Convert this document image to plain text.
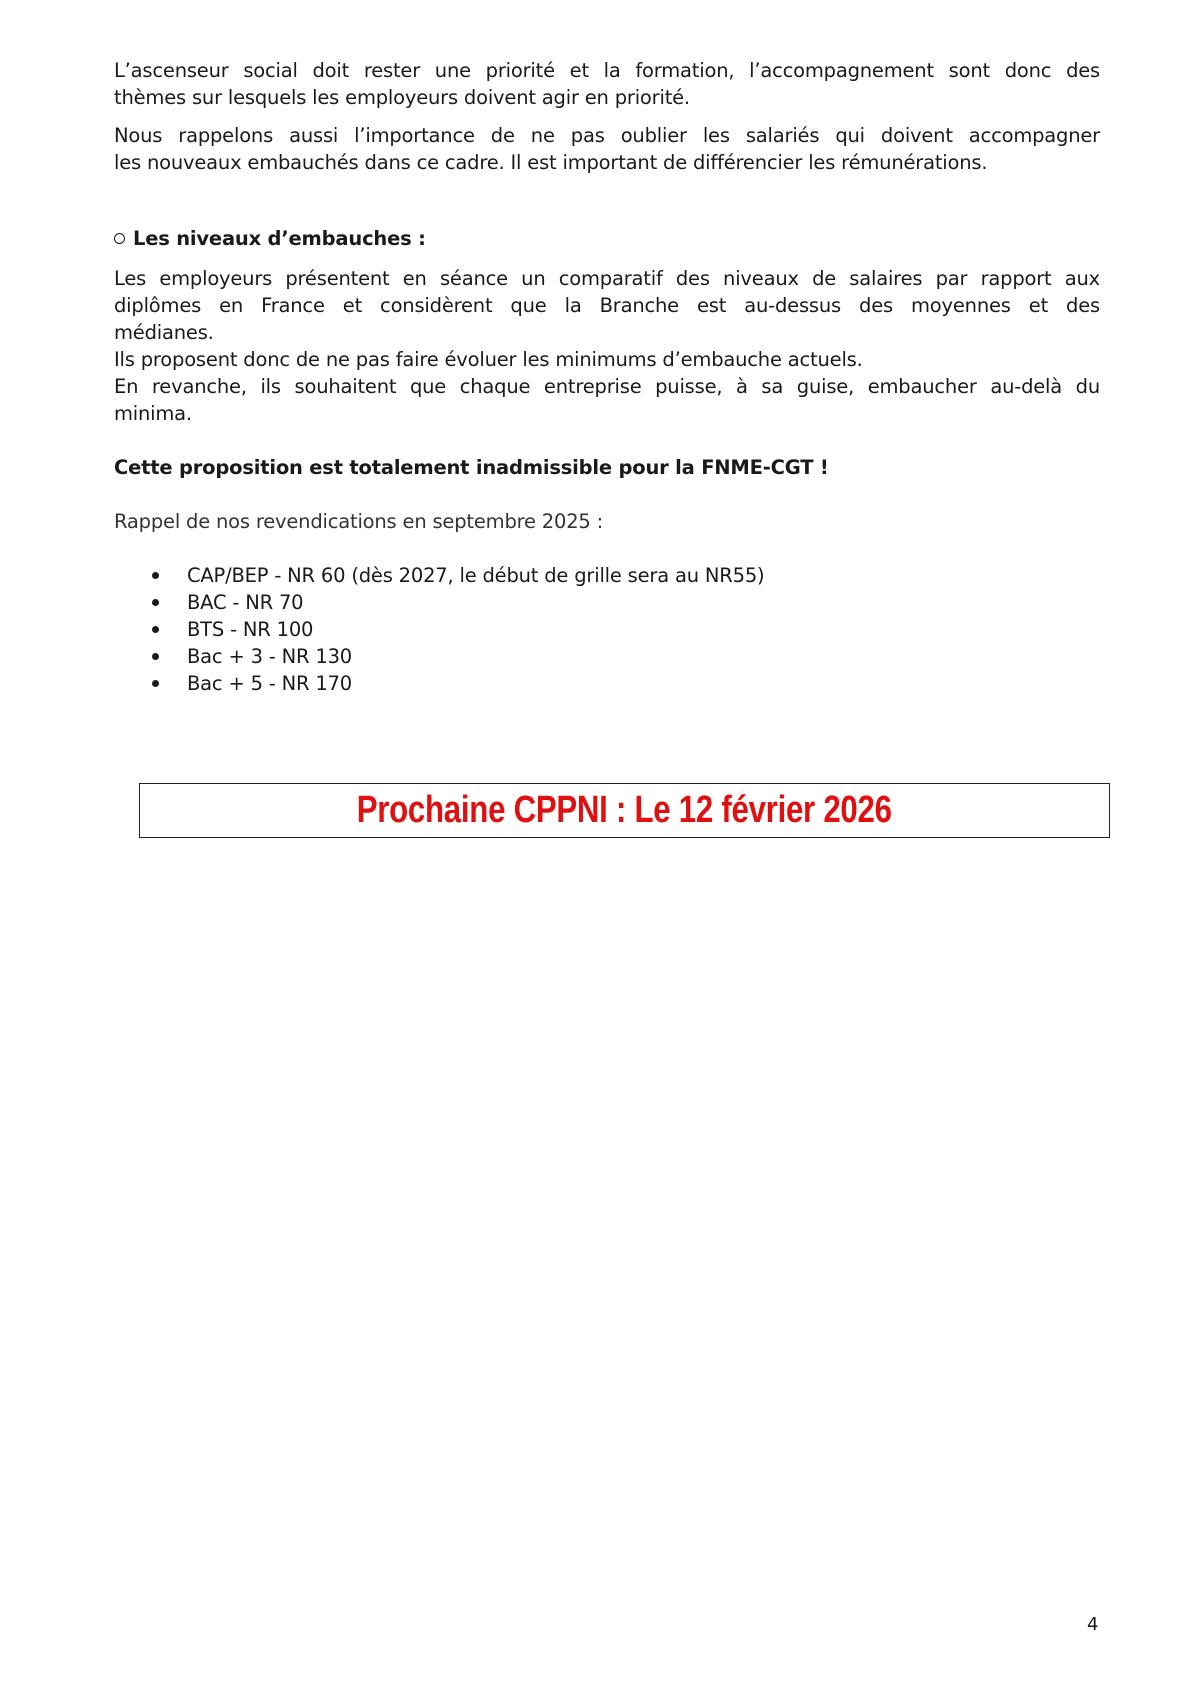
L’ascenseur social doit rester une priorité et la formation, l’accompagnement sont donc des
thèmes sur lesquels les employeurs doivent agir en priorité.
Nous rappelons aussi l’importance de ne pas oublier les salariés qui doivent accompagner
les nouveaux embauchés dans ce cadre. Il est important de différencier les rémunérations.
Les niveaux d’embauches :
Les employeurs présentent en séance un comparatif des niveaux de salaires par rapport aux
diplômes en France et considèrent que la Branche est au-dessus des moyennes et des
médianes.
Ils proposent donc de ne pas faire évoluer les minimums d’embauche actuels.
En revanche, ils souhaitent que chaque entreprise puisse, à sa guise, embaucher au-delà du
minima.
Cette proposition est totalement inadmissible pour la FNME-CGT !
Rappel de nos revendications en septembre 2025 :
CAP/BEP - NR 60 (dès 2027, le début de grille sera au NR55)
BAC - NR 70
BTS - NR 100
Bac + 3 - NR 130
Bac + 5 - NR 170
Prochaine CPPNI : Le 12 février 2026
4
